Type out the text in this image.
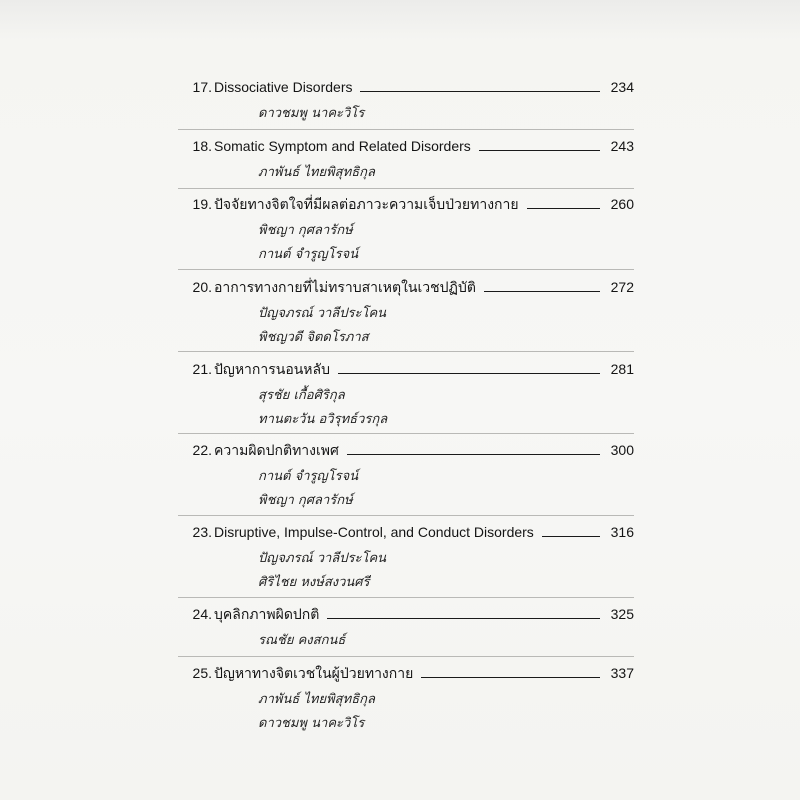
17. Dissociative Disorders	234
ดาวชมพู นาคะวิโร
18. Somatic Symptom and Related Disorders	243
ภาพันธ์ ไทยพิสุทธิกุล
19. ปัจจัยทางจิตใจที่มีผลต่อภาวะความเจ็บป่วยทางกาย	260
พิชญา กุศลารักษ์
กานต์ จำรูญโรจน์
20. อาการทางกายที่ไม่ทราบสาเหตุในเวชปฏิบัติ	272
ปัญจภรณ์ วาลีประโคน
พิชญวดี จิตดโรภาส
21. ปัญหาการนอนหลับ	281
สุรชัย เกื้อศิริกุล
ทานตะวัน อวิรุทธ์วรกุล
22. ความผิดปกติทางเพศ	300
กานต์ จำรูญโรจน์
พิชญา กุศลารักษ์
23. Disruptive, Impulse-Control, and Conduct Disorders	316
ปัญจภรณ์ วาลีประโคน
ศิริไชย หงษ์สงวนศรี
24. บุคลิกภาพผิดปกติ	325
รณชัย คงสกนธ์
25. ปัญหาทางจิตเวชในผู้ป่วยทางกาย	337
ภาพันธ์ ไทยพิสุทธิกุล
ดาวชมพู นาคะวิโร
